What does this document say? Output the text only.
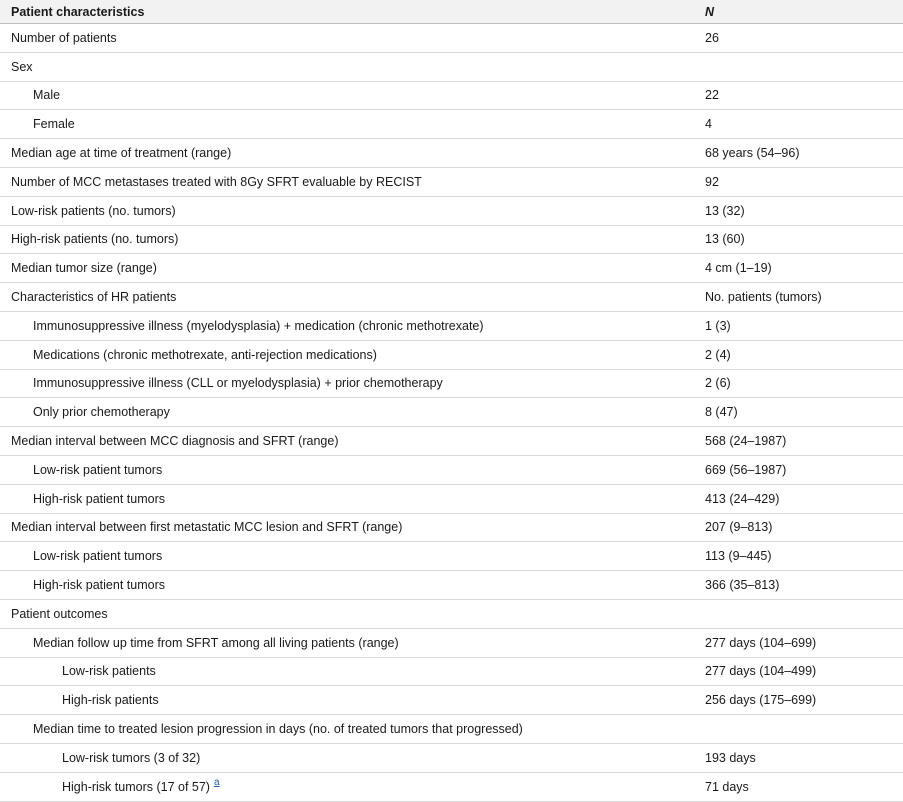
Patient characteristics	N
Number of patients	26
Sex
Male	22
Female	4
Median age at time of treatment (range)	68 years (54–96)
Number of MCC metastases treated with 8Gy SFRT evaluable by RECIST	92
Low-risk patients (no. tumors)	13 (32)
High-risk patients (no. tumors)	13 (60)
Median tumor size (range)	4 cm (1–19)
Characteristics of HR patients	No. patients (tumors)
Immunosuppressive illness (myelodysplasia) + medication (chronic methotrexate)	1 (3)
Medications (chronic methotrexate, anti-rejection medications)	2 (4)
Immunosuppressive illness (CLL or myelodysplasia) + prior chemotherapy	2 (6)
Only prior chemotherapy	8 (47)
Median interval between MCC diagnosis and SFRT (range)	568 (24–1987)
Low-risk patient tumors	669 (56–1987)
High-risk patient tumors	413 (24–429)
Median interval between first metastatic MCC lesion and SFRT (range)	207 (9–813)
Low-risk patient tumors	113 (9–445)
High-risk patient tumors	366 (35–813)
Patient outcomes
Median follow up time from SFRT among all living patients (range)	277 days (104–699)
Low-risk patients	277 days (104–499)
High-risk patients	256 days (175–699)
Median time to treated lesion progression in days (no. of treated tumors that progressed)
Low-risk tumors (3 of 32)	193 days
High-risk tumors (17 of 57) a	71 days
